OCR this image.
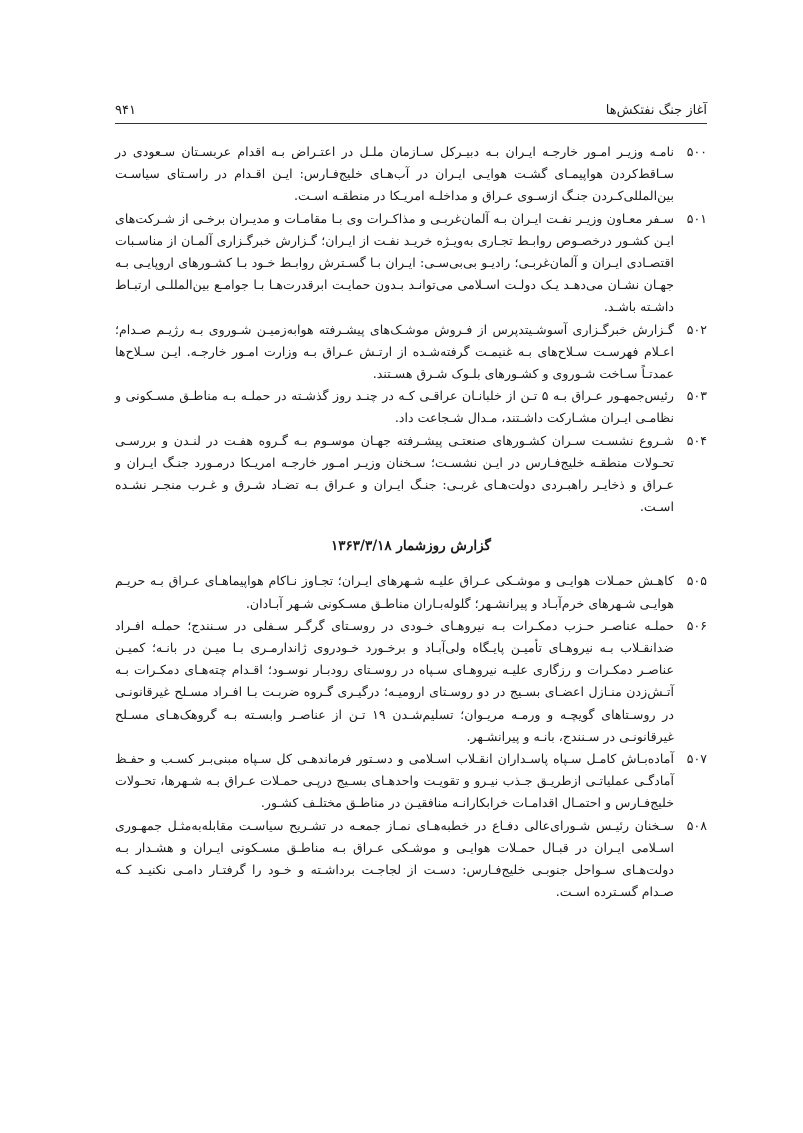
آغاز جنگ نفتکش‌ها
۹۴۱

۵۰۰
نامـه وزیـر امـور خارجـه ایـران بـه دبیـرکل سـازمان ملـل در اعتـراض بـه اقدام عربسـتان سـعودی در سـاقط‌کردن هواپیمـای گشـت هوایـی ایـران در آب‌هـای خلیج‌فـارس: ایـن اقـدام در راسـتای سیاسـت بین‌المللی‌کـردن جنـگ ازسـوی عـراق و مداخلـه امریـکا در منطقـه اسـت.

۵۰۱
سـفر معـاون وزیـر نفـت ایـران بـه آلمان‌غربـی و مذاکـرات وی بـا مقامـات و مدیـران برخـی از شـرکت‌های ایـن کشـور درخصـوص روابـط تجـاری به‌ویـژه خریـد نفـت از ایـران؛ گـزارش خبرگـزاری آلمـان از مناسـبات اقتصـادی ایـران و آلمان‌غربـی؛ رادیـو بی‌بی‌سـی: ایـران بـا گسـترش روابـط خـود بـا کشـورهای اروپایـی بـه جهـان نشـان می‌دهـد یـک دولـت اسـلامی می‌توانـد بـدون حمایـت ابرقدرت‌هـا بـا جوامـع بین‌المللـی ارتبـاط داشـته باشـد.

۵۰۲
گـزارش خبرگـزاری آسوشـیتدپرس از فـروش موشـک‌های پیشـرفته هوابه‌زمیـن شـوروی بـه رژیـم صـدام؛ اعـلام فهرسـت سـلاح‌های بـه غنیمـت گرفته‌شـده از ارتـش عـراق بـه وزارت امـور خارجـه. ایـن سـلاح‌ها عمدتـاً سـاخت شـوروی و کشـورهای بلـوک شـرق هسـتند.

۵۰۳
رئیس‌جمهـور عـراق بـه ۵ تـن از خلبانـان عراقـی کـه در چنـد روز گذشـته در حملـه بـه مناطـق مسـکونی و نظامـی ایـران مشـارکت داشـتند، مـدال شـجاعت داد.

۵۰۴
شـروع نشسـت سـران کشـورهای صنعتـی پیشـرفته جهـان موسـوم بـه گـروه هفـت در لنـدن و بررسـی تحـولات منطقـه خلیج‌فـارس در ایـن نشسـت؛ سـخنان وزیـر امـور خارجـه امریـکا درمـورد جنـگ ایـران و عـراق و ذخایـر راهبـردی دولت‌هـای غربـی: جنـگ ایـران و عـراق بـه تضـاد شـرق و غـرب منجـر نشـده اسـت.

گزارش روزشمار ۱۳۶۳/۳/۱۸

۵۰۵
کاهـش حمـلات هوایـی و موشـکی عـراق علیـه شـهرهای ایـران؛ تجـاوز نـاکام هواپیماهـای عـراق بـه حریـم هوایـی شـهرهای خرم‌آبـاد و پیرانشـهر؛ گلوله‌بـاران مناطـق مسـکونی شـهر آبـادان.

۵۰۶
حملـه عناصـر حـزب دمکـرات بـه نیروهـای خـودی در روسـتای گرگـر سـفلی در سـنندج؛ حملـه افـراد ضدانقـلاب بـه نیروهـای تأمیـن پایـگاه ولی‌آبـاد و برخـورد خـودروی ژاندارمـری بـا میـن در بانـه؛ کمیـن عناصـر دمکـرات و رزگاری علیـه نیروهـای سـپاه در روسـتای رودبـار نوسـود؛ اقـدام چته‌هـای دمکـرات بـه آتـش‌زدن منـازل اعضـای بسـیج در دو روسـتای ارومیـه؛ درگیـری گـروه ضربـت بـا افـراد مسـلح غیرقانونـی در روسـتاهای گویچـه و ورمـه مریـوان؛ تسلیم‌شـدن ۱۹ تـن از عناصـر وابسـته بـه گروهک‌هـای مسـلح غیرقانونـی در سـنندج، بانـه و پیرانشـهر.

۵۰۷
آماده‌بـاش کامـل سـپاه پاسـداران انقـلاب اسـلامی و دسـتور فرماندهـی کل سـپاه مبنی‌بـر کسـب و حفـظ آمادگـی عملیاتـی ازطریـق جـذب نیـرو و تقویـت واحدهـای بسـیج درپـی حمـلات عـراق بـه شـهرها، تحـولات خلیج‌فـارس و احتمـال اقدامـات خرابکارانـه منافقیـن در مناطـق مختلـف کشـور.

۵۰۸
سـخنان رئیـس شـورای‌عالی دفـاع در خطبه‌هـای نمـاز جمعـه در تشـریح سیاسـت مقابله‌به‌مثـل جمهـوری اسـلامی ایـران در قبـال حمـلات هوایـی و موشـکی عـراق بـه مناطـق مسـکونی ایـران و هشـدار بـه دولت‌هـای سـواحل جنوبـی خلیج‌فـارس: دسـت از لجاجـت برداشـته و خـود را گرفتـار دامـی نکنیـد کـه صـدام گسـترده اسـت.
